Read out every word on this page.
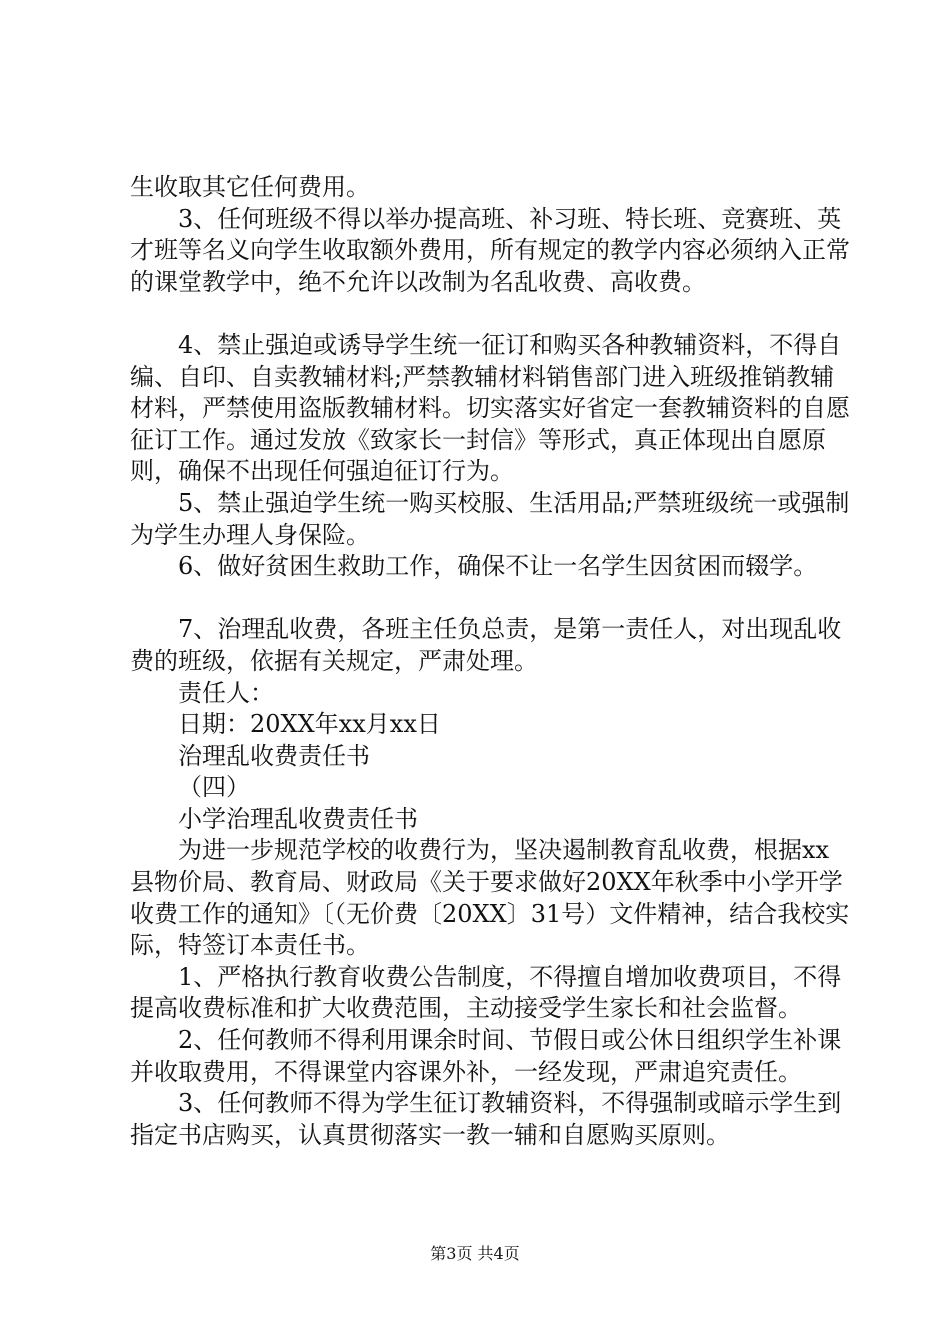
生收取其它任何费用。

3、任何班级不得以举办提高班、补习班、特长班、竞赛班、英才班等名义向学生收取额外费用，所有规定的教学内容必须纳入正常的课堂教学中，绝不允许以改制为名乱收费、高收费。

4、禁止强迫或诱导学生统一征订和购买各种教辅资料，不得自编、自印、自卖教辅材料;严禁教辅材料销售部门进入班级推销教辅材料，严禁使用盗版教辅材料。切实落实好省定一套教辅资料的自愿征订工作。通过发放《致家长一封信》等形式，真正体现出自愿原则，确保不出现任何强迫征订行为。

5、禁止强迫学生统一购买校服、生活用品;严禁班级统一或强制为学生办理人身保险。

6、做好贫困生救助工作，确保不让一名学生因贫困而辍学。

7、治理乱收费，各班主任负总责，是第一责任人，对出现乱收费的班级，依据有关规定，严肃处理。

责任人：

日期：20XX年xx月xx日

治理乱收费责任书

（四）

小学治理乱收费责任书

为进一步规范学校的收费行为，坚决遏制教育乱收费，根据xx县物价局、教育局、财政局《关于要求做好20XX年秋季中小学开学收费工作的通知》〔（无价费〔20XX〕31号）文件精神，结合我校实际，特签订本责任书。

1、严格执行教育收费公告制度，不得擅自增加收费项目，不得提高收费标准和扩大收费范围，主动接受学生家长和社会监督。

2、任何教师不得利用课余时间、节假日或公休日组织学生补课并收取费用，不得课堂内容课外补，一经发现，严肃追究责任。

3、任何教师不得为学生征订教辅资料，不得强制或暗示学生到指定书店购买，认真贯彻落实一教一辅和自愿购买原则。

第3页 共4页
